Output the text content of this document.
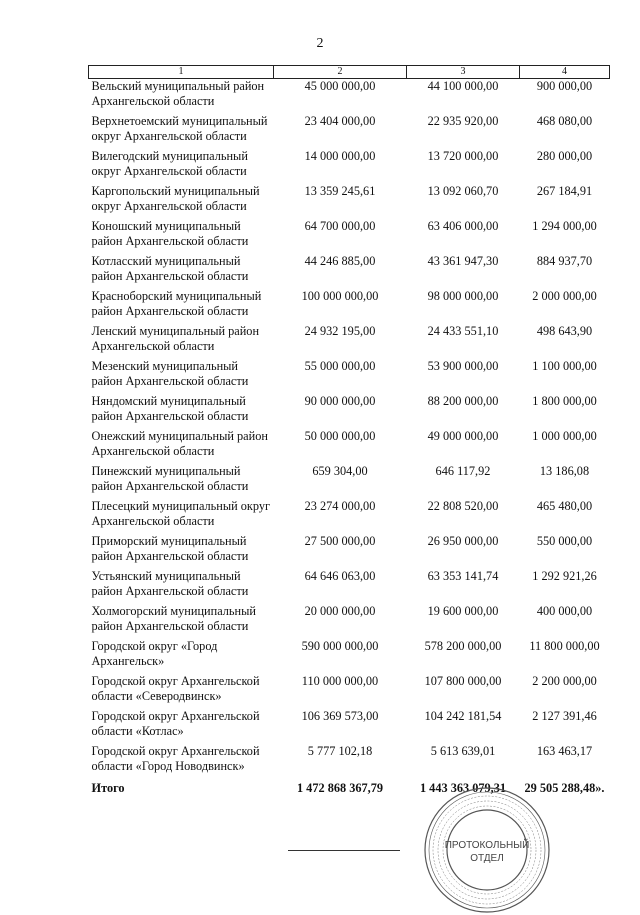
2
1	2	3	4
Вельский муниципальный район Архангельской области	45 000 000,00	44 100 000,00	900 000,00
Верхнетоемский муниципальный округ Архангельской области	23 404 000,00	22 935 920,00	468 080,00
Вилегодский муниципальный округ Архангельской области	14 000 000,00	13 720 000,00	280 000,00
Каргопольский муниципальный округ Архангельской области	13 359 245,61	13 092 060,70	267 184,91
Коношский муниципальный район Архангельской области	64 700 000,00	63 406 000,00	1 294 000,00
Котласский муниципальный район Архангельской области	44 246 885,00	43 361 947,30	884 937,70
Красноборский муниципальный район Архангельской области	100 000 000,00	98 000 000,00	2 000 000,00
Ленский муниципальный район Архангельской области	24 932 195,00	24 433 551,10	498 643,90
Мезенский муниципальный район Архангельской области	55 000 000,00	53 900 000,00	1 100 000,00
Няндомский муниципальный район Архангельской области	90 000 000,00	88 200 000,00	1 800 000,00
Онежский муниципальный район Архангельской области	50 000 000,00	49 000 000,00	1 000 000,00
Пинежский муниципальный район Архангельской области	659 304,00	646 117,92	13 186,08
Плесецкий муниципальный округ Архангельской области	23 274 000,00	22 808 520,00	465 480,00
Приморский муниципальный район Архангельской области	27 500 000,00	26 950 000,00	550 000,00
Устьянский муниципальный район Архангельской области	64 646 063,00	63 353 141,74	1 292 921,26
Холмогорский муниципальный район Архангельской области	20 000 000,00	19 600 000,00	400 000,00
Городской округ «Город Архангельск»	590 000 000,00	578 200 000,00	11 800 000,00
Городской округ Архангельской области «Северодвинск»	110 000 000,00	107 800 000,00	2 200 000,00
Городской округ Архангельской области «Котлас»	106 369 573,00	104 242 181,54	2 127 391,46
Городской округ Архангельской области «Город Новодвинск»	5 777 102,18	5 613 639,01	163 463,17
Итого	1 472 868 367,79	1 443 363 079,31	29 505 288,48».
ПРОТОКОЛЬНЫЙ
ОТДЕЛ
